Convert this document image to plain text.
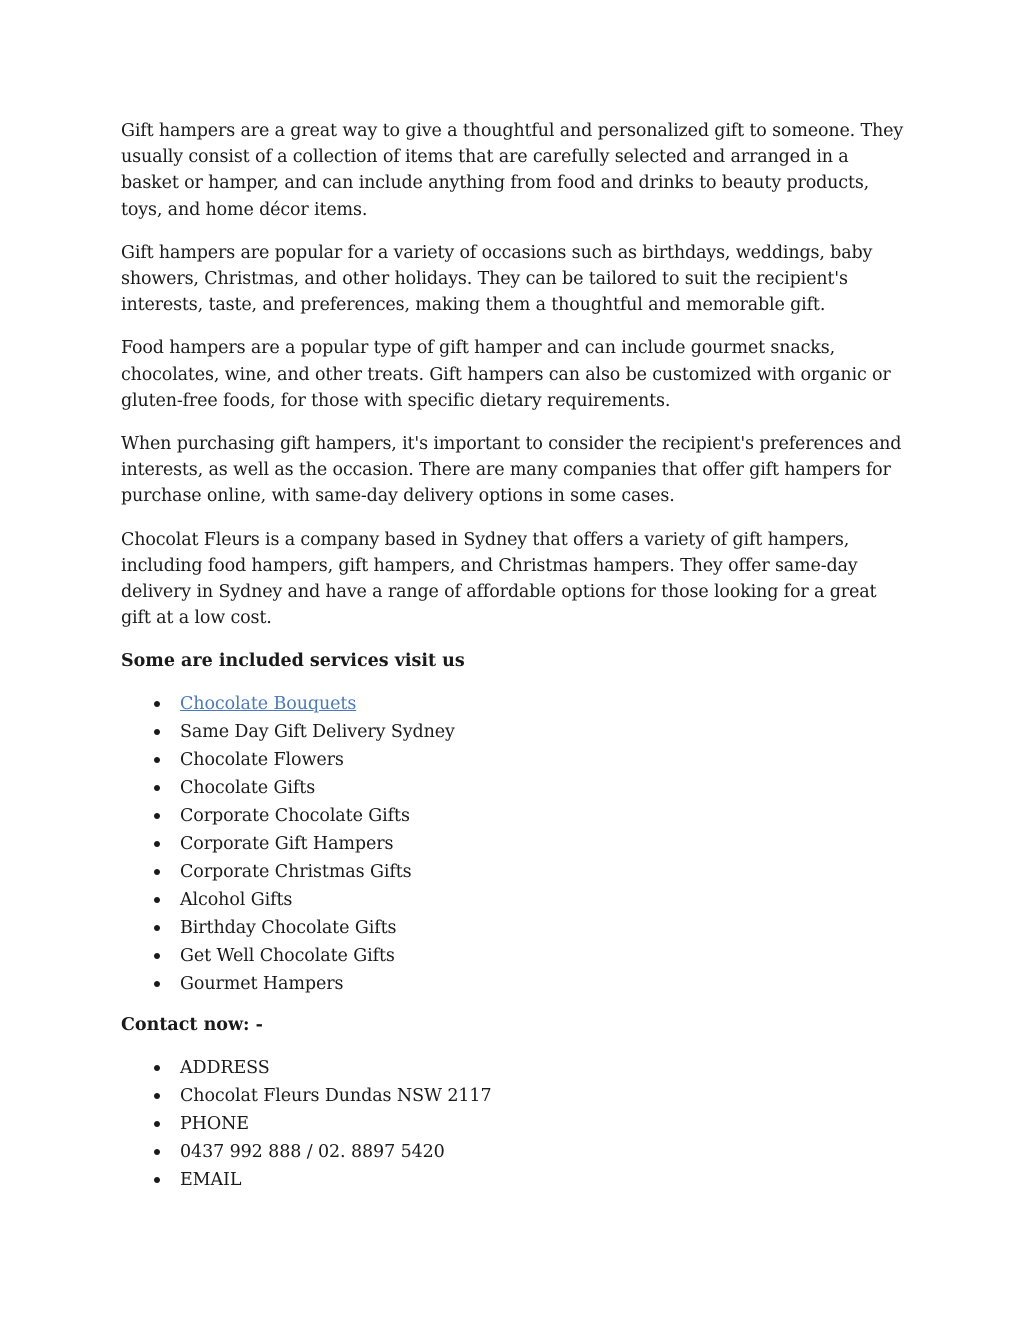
Gift hampers are a great way to give a thoughtful and personalized gift to someone. They usually consist of a collection of items that are carefully selected and arranged in a basket or hamper, and can include anything from food and drinks to beauty products, toys, and home décor items.

Gift hampers are popular for a variety of occasions such as birthdays, weddings, baby showers, Christmas, and other holidays. They can be tailored to suit the recipient's interests, taste, and preferences, making them a thoughtful and memorable gift.

Food hampers are a popular type of gift hamper and can include gourmet snacks, chocolates, wine, and other treats. Gift hampers can also be customized with organic or gluten-free foods, for those with specific dietary requirements.

When purchasing gift hampers, it's important to consider the recipient's preferences and interests, as well as the occasion. There are many companies that offer gift hampers for purchase online, with same-day delivery options in some cases.

Chocolat Fleurs is a company based in Sydney that offers a variety of gift hampers, including food hampers, gift hampers, and Christmas hampers. They offer same-day delivery in Sydney and have a range of affordable options for those looking for a great gift at a low cost.

Some are included services visit us
Chocolate Bouquets
Same Day Gift Delivery Sydney
Chocolate Flowers
Chocolate Gifts
Corporate Chocolate Gifts
Corporate Gift Hampers
Corporate Christmas Gifts
Alcohol Gifts
Birthday Chocolate Gifts
Get Well Chocolate Gifts
Gourmet Hampers
Contact now: -
ADDRESS
Chocolat Fleurs Dundas NSW 2117
PHONE
0437 992 888 / 02. 8897 5420
EMAIL
